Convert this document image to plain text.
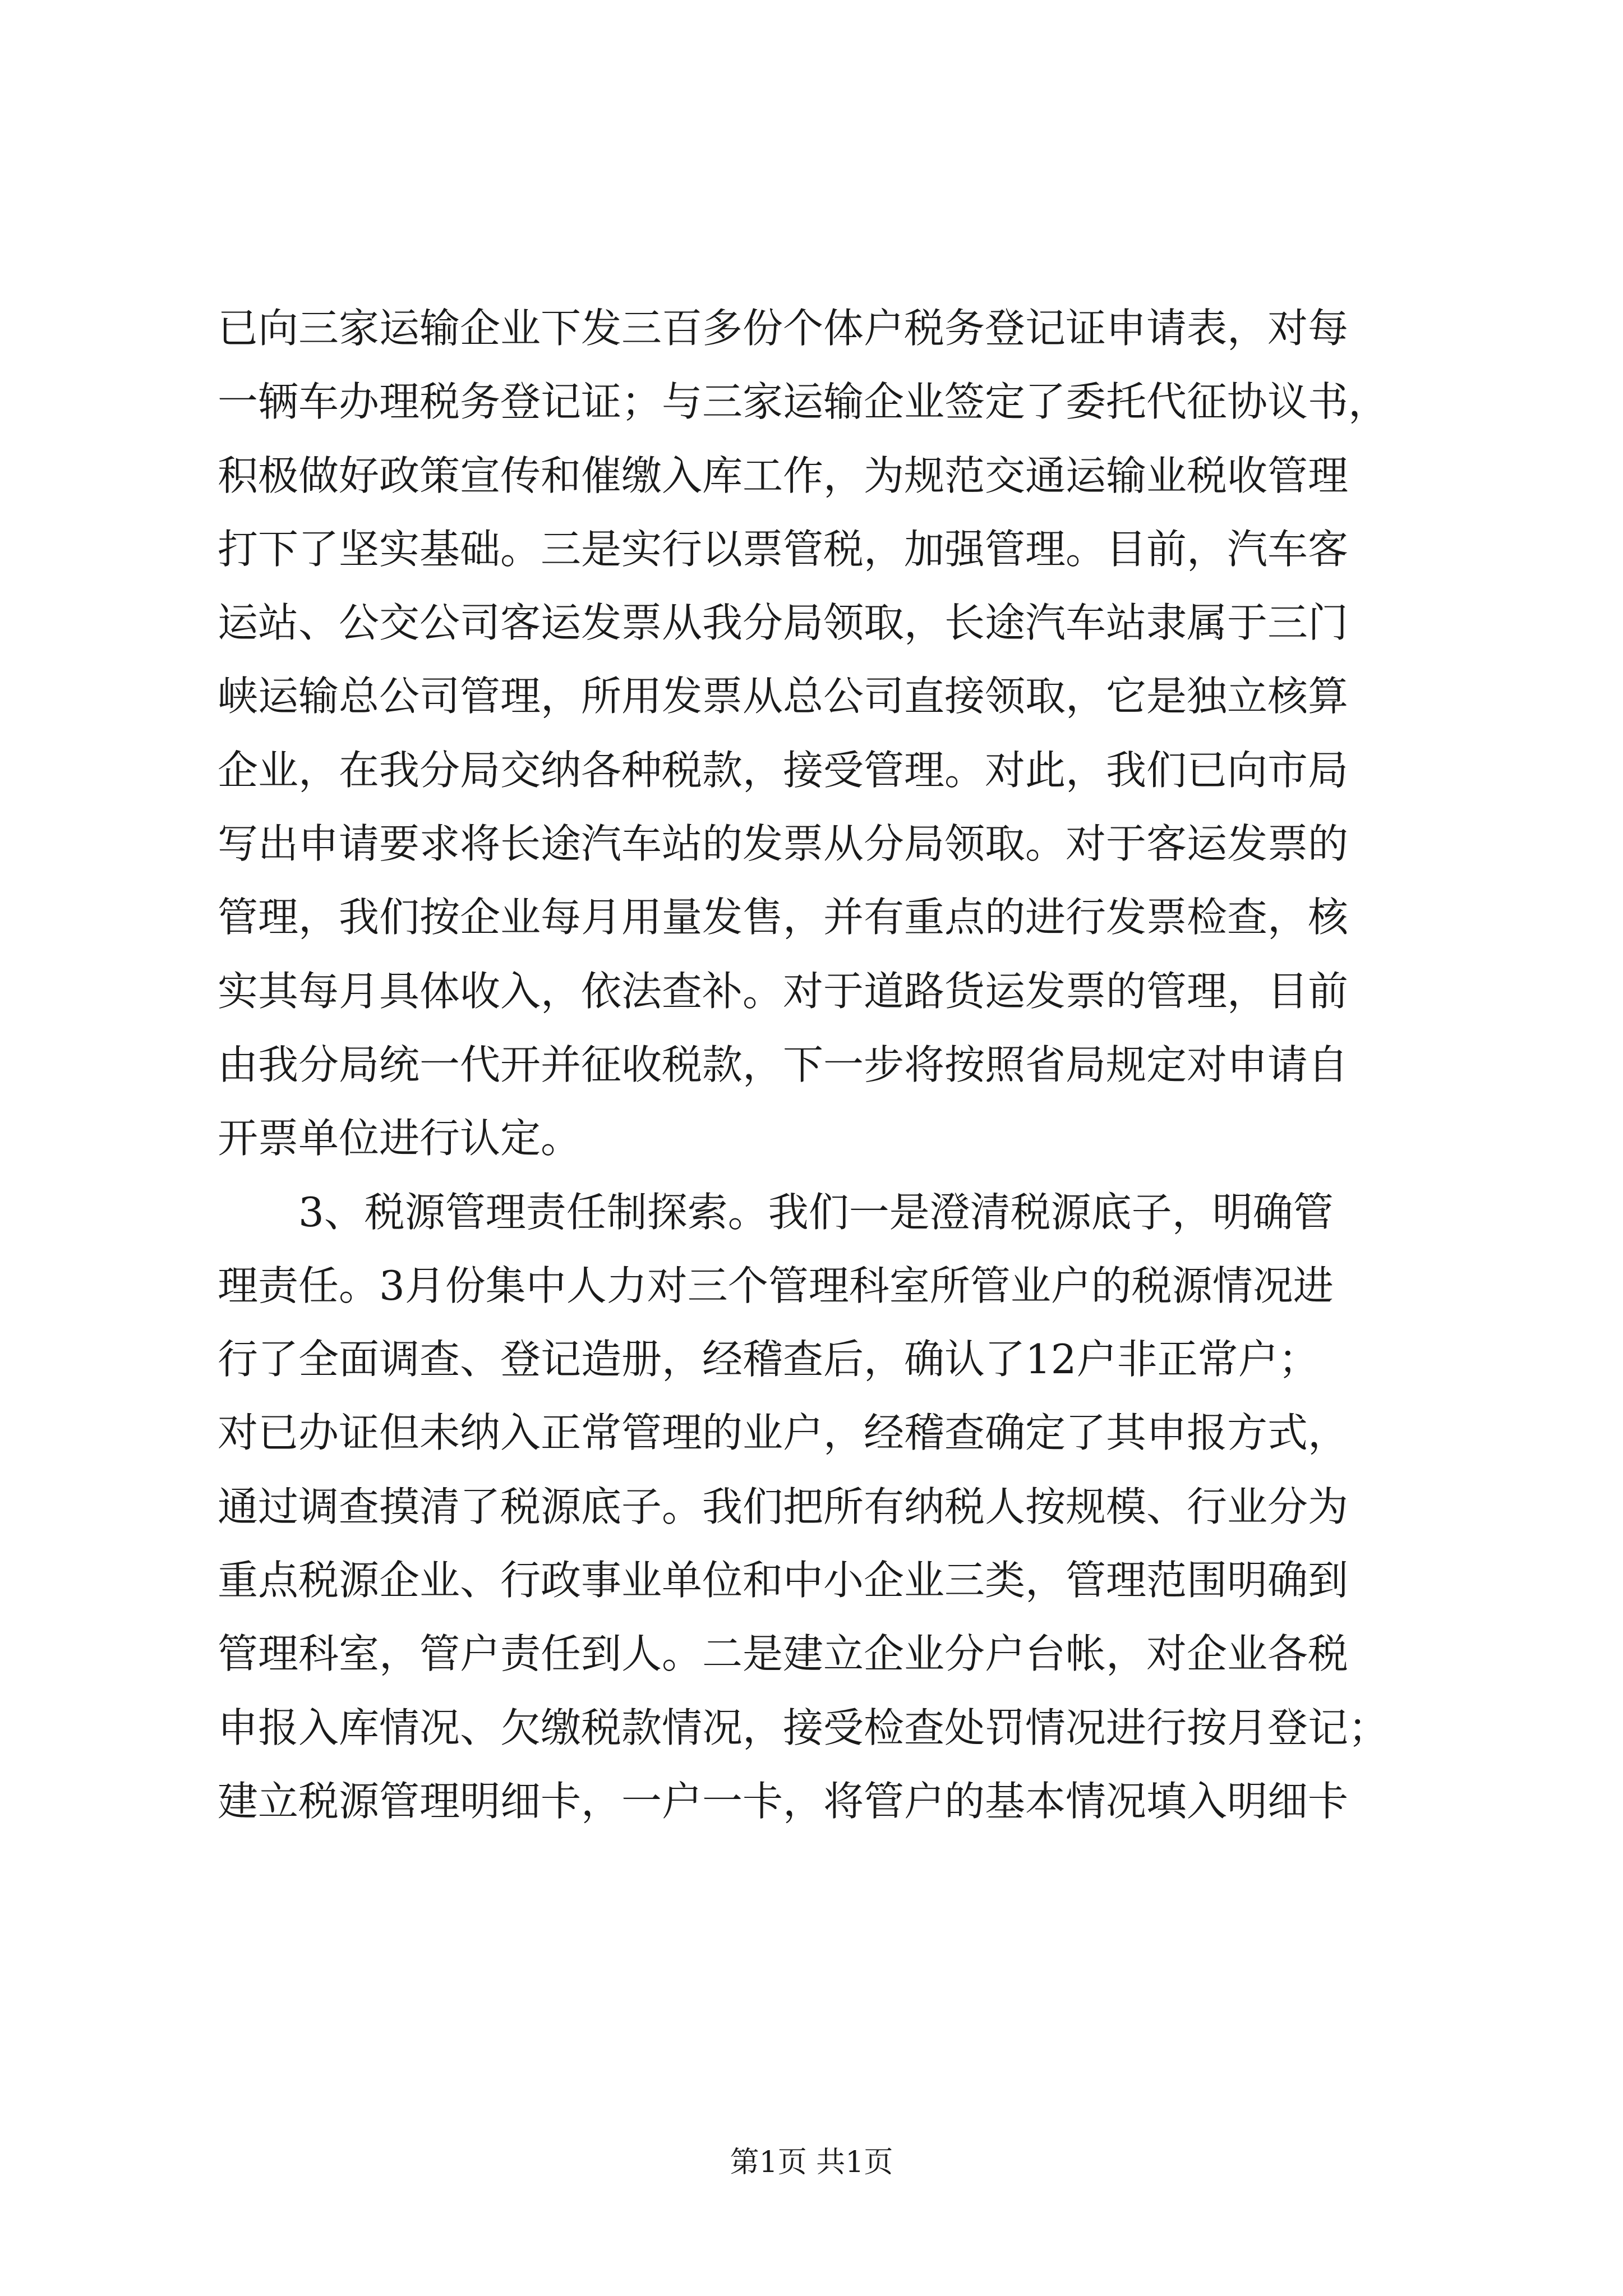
已向三家运输企业下发三百多份个体户税务登记证申请表，对每
一辆车办理税务登记证；与三家运输企业签定了委托代征协议书，
积极做好政策宣传和催缴入库工作，为规范交通运输业税收管理
打下了坚实基础。三是实行以票管税，加强管理。目前，汽车客
运站、公交公司客运发票从我分局领取，长途汽车站隶属于三门
峡运输总公司管理，所用发票从总公司直接领取，它是独立核算
企业，在我分局交纳各种税款，接受管理。对此，我们已向市局
写出申请要求将长途汽车站的发票从分局领取。对于客运发票的
管理，我们按企业每月用量发售，并有重点的进行发票检查，核
实其每月具体收入，依法查补。对于道路货运发票的管理，目前
由我分局统一代开并征收税款，下一步将按照省局规定对申请自
开票单位进行认定。
　　3、税源管理责任制探索。我们一是澄清税源底子，明确管
理责任。3月份集中人力对三个管理科室所管业户的税源情况进
行了全面调查、登记造册，经稽查后，确认了12户非正常户；
对已办证但未纳入正常管理的业户，经稽查确定了其申报方式，
通过调查摸清了税源底子。我们把所有纳税人按规模、行业分为
重点税源企业、行政事业单位和中小企业三类，管理范围明确到
管理科室，管户责任到人。二是建立企业分户台帐，对企业各税
申报入库情况、欠缴税款情况，接受检查处罚情况进行按月登记；
建立税源管理明细卡，一户一卡，将管户的基本情况填入明细卡
第1页 共1页
